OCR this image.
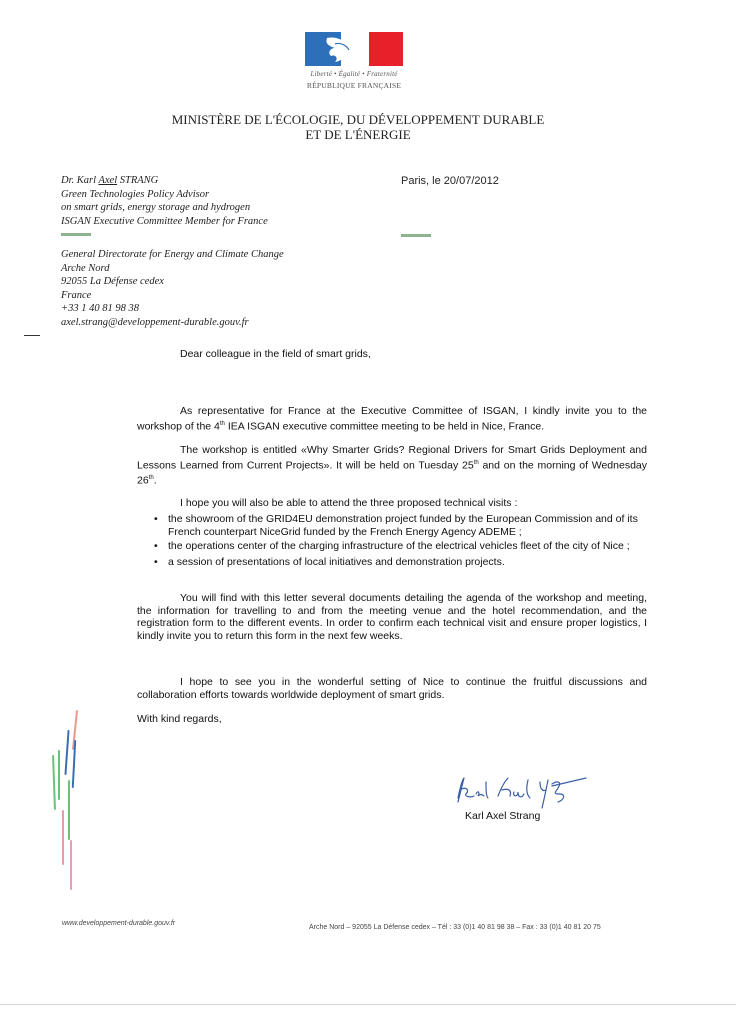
Liberté • Égalité • Fraternité
RÉPUBLIQUE FRANÇAISE
MINISTÈRE DE L'ÉCOLOGIE, DU DÉVELOPPEMENT DURABLE
ET DE L'ÉNERGIE
Dr. Karl Axel STRANG
Green Technologies Policy Advisor
on smart grids, energy storage and hydrogen
ISGAN Executive Committee Member for France
General Directorate for Energy and Climate Change
Arche Nord
92055 La Défense cedex
France
+33 1 40 81 98 38
axel.strang@developpement-durable.gouv.fr
Paris, le 20/07/2012
Dear colleague in the field of smart grids,
As representative for France at the Executive Committee of ISGAN, I kindly invite you to the workshop of the 4th IEA ISGAN executive committee meeting to be held in Nice, France.
The workshop is entitled «Why Smarter Grids? Regional Drivers for Smart Grids Deployment and Lessons Learned from Current Projects». It will be held on Tuesday 25th and on the morning of Wednesday 26th.
I hope you will also be able to attend the three proposed technical visits :
• the showroom of the GRID4EU demonstration project funded by the European Commission and of its French counterpart NiceGrid funded by the French Energy Agency ADEME ;
• the operations center of the charging infrastructure of the electrical vehicles fleet of the city of Nice ;
• a session of presentations of local initiatives and demonstration projects.
You will find with this letter several documents detailing the agenda of the workshop and meeting, the information for travelling to and from the meeting venue and the hotel recommendation, and the registration form to the different events. In order to confirm each technical visit and ensure proper logistics, I kindly invite you to return this form in the next few weeks.
I hope to see you in the wonderful setting of Nice to continue the fruitful discussions and collaboration efforts towards worldwide deployment of smart grids.
With kind regards,
Karl Axel Strang
www.developpement-durable.gouv.fr
Arche Nord – 92055 La Défense cedex – Tél : 33 (0)1 40 81 98 38 – Fax : 33 (0)1 40 81 20 75
